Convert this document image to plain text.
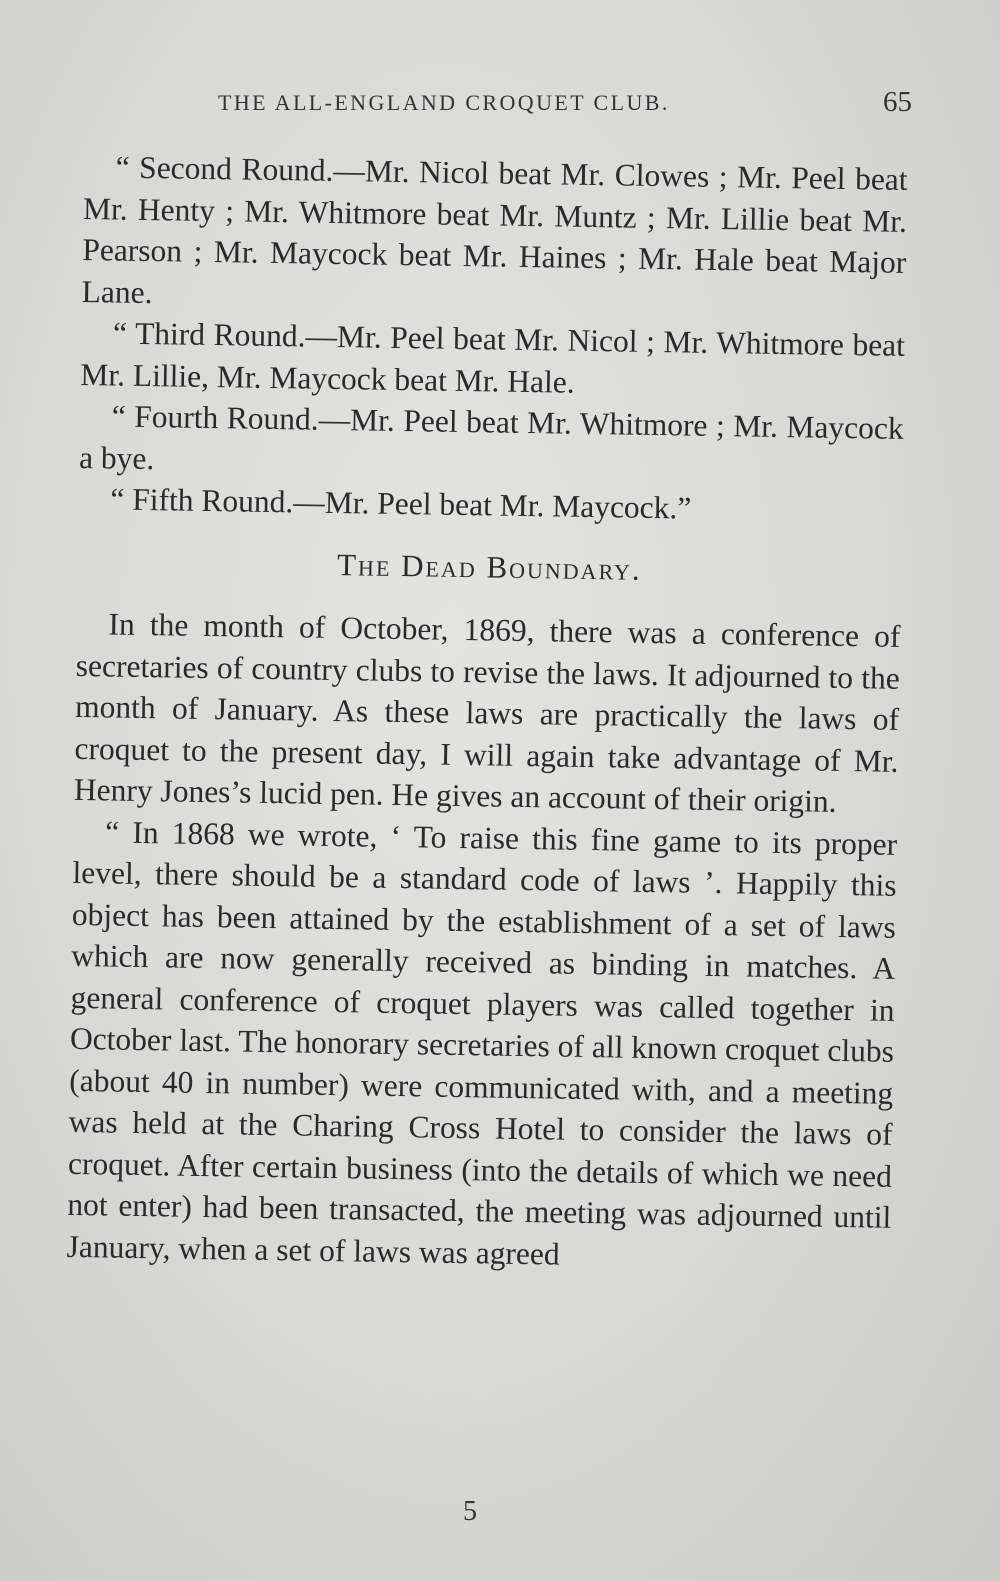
THE ALL-ENGLAND CROQUET CLUB.	65

“ Second Round.—Mr. Nicol beat Mr. Clowes ; Mr. Peel beat Mr. Henty ; Mr. Whitmore beat Mr. Muntz ; Mr. Lillie beat Mr. Pearson ; Mr. Maycock beat Mr. Haines ; Mr. Hale beat Major Lane.

“ Third Round.—Mr. Peel beat Mr. Nicol ; Mr. Whitmore beat Mr. Lillie, Mr. Maycock beat Mr. Hale.

“ Fourth Round.—Mr. Peel beat Mr. Whitmore ; Mr. Maycock a bye.

“ Fifth Round.—Mr. Peel beat Mr. Maycock.”

The Dead Boundary.

In the month of October, 1869, there was a conference of secretaries of country clubs to revise the laws. It adjourned to the month of January. As these laws are practically the laws of croquet to the present day, I will again take advantage of Mr. Henry Jones’s lucid pen. He gives an account of their origin.

“ In 1868 we wrote, ‘ To raise this fine game to its proper level, there should be a standard code of laws ’. Happily this object has been attained by the establishment of a set of laws which are now generally received as binding in matches. A general conference of croquet players was called together in October last. The honorary secretaries of all known croquet clubs (about 40 in number) were communicated with, and a meeting was held at the Charing Cross Hotel to consider the laws of croquet. After certain business (into the details of which we need not enter) had been transacted, the meeting was adjourned until January, when a set of laws was agreed

5
